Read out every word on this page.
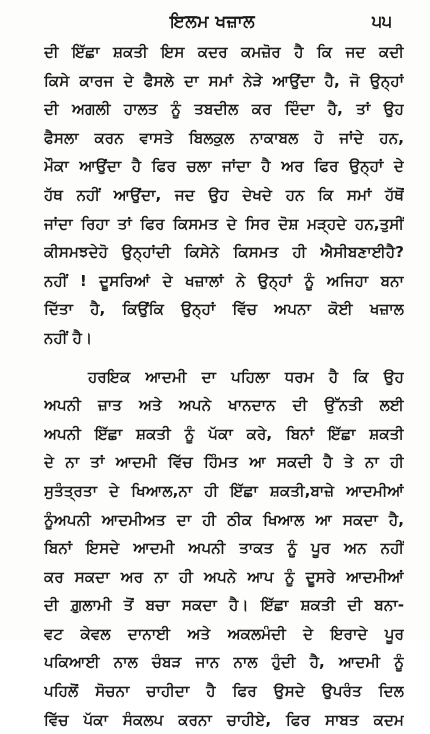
ਇਲਮ ਖਜ਼ਾਲ	੫੫
ਦੀ ਇੱਛਾ ਸ਼ਕਤੀ ਇਸ ਕਦਰ ਕਮਜ਼ੋਰ ਹੈ ਕਿ ਜਦ ਕਦੀ
ਕਿਸੇ ਕਾਰਜ ਦੇ ਫੈਸਲੇ ਦਾ ਸਮਾਂ ਨੇੜੇ ਆਉਂਦਾ ਹੈ, ਜੋ ਉਨ੍ਹਾਂ
ਦੀ ਅਗਲੀ ਹਾਲਤ ਨੂੰ ਤਬਦੀਲ ਕਰ ਦਿੰਦਾ ਹੈ, ਤਾਂ ਉਹ
ਫੈਸਲਾ ਕਰਨ ਵਾਸਤੇ ਬਿਲਕੁਲ ਨਾਕਾਬਲ ਹੋ ਜਾਂਦੇ ਹਨ,
ਮੌਕਾ ਆਉਂਦਾ ਹੈ ਫਿਰ ਚਲਾ ਜਾਂਦਾ ਹੈ ਅਰ ਫਿਰ ਉਨ੍ਹਾਂ ਦੇ
ਹੱਥ ਨਹੀਂ ਆਉਂਦਾ, ਜਦ ਉਹ ਦੇਖਦੇ ਹਨ ਕਿ ਸਮਾਂ ਹੱਥੋਂ
ਜਾਂਦਾ ਰਿਹਾ ਤਾਂ ਫਿਰ ਕਿਸਮਤ ਦੇ ਸਿਰ ਦੋਸ਼ ਮੜ੍ਹਦੇ ਹਨ,ਤੁਸੀਂ
ਕੀਸਮਝਦੇਹੋ ਉਨ੍ਹਾਂਦੀ ਕਿਸੇਨੇ ਕਿਸਮਤ ਹੀ ਐਸੀਬਣਾਈਹੈ?
ਨਹੀਂ ! ਦੂਸਰਿਆਂ ਦੇ ਖਜ਼ਾਲਾਂ ਨੇ ਉਨ੍ਹਾਂ ਨੂੰ ਅਜਿਹਾ ਬਨਾ
ਦਿੱਤਾ ਹੈ, ਕਿਉਂਕਿ ਉਨ੍ਹਾਂ ਵਿੱਚ ਅਪਨਾ ਕੋਈ ਖਜ਼ਾਲ
ਨਹੀਂ ਹੈ।
ਹਰਇਕ ਆਦਮੀ ਦਾ ਪਹਿਲਾ ਧਰਮ ਹੈ ਕਿ ਉਹ
ਅਪਨੀ ਜ਼ਾਤ ਅਤੇ ਅਪਨੇ ਖਾਨਦਾਨ ਦੀ ਉੱਨਤੀ ਲਈ
ਅਪਨੀ ਇੱਛਾ ਸ਼ਕਤੀ ਨੂੰ ਪੱਕਾ ਕਰੇ, ਬਿਨਾਂ ਇੱਛਾ ਸ਼ਕਤੀ
ਦੇ ਨਾ ਤਾਂ ਆਦਮੀ ਵਿੱਚ ਹਿੰਮਤ ਆ ਸਕਦੀ ਹੈ ਤੇ ਨਾ ਹੀ
ਸੁਤੰਤ੍ਰਤਾ ਦੇ ਖਿਆਲ,ਨਾ ਹੀ ਇੱਛਾ ਸ਼ਕਤੀ,ਬਾਜ਼ੇ ਆਦਮੀਆਂ
ਨੂੰਅਪਨੀ ਆਦਮੀਅਤ ਦਾ ਹੀ ਠੀਕ ਖਿਆਲ ਆ ਸਕਦਾ ਹੈ,
ਬਿਨਾਂ ਇਸਦੇ ਆਦਮੀ ਅਪਨੀ ਤਾਕਤ ਨੂੰ ਪੂਰ ਅਨ ਨਹੀਂ
ਕਰ ਸਕਦਾ ਅਰ ਨਾ ਹੀ ਅਪਨੇ ਆਪ ਨੂੰ ਦੂਸਰੇ ਆਦਮੀਆਂ
ਦੀ ਗ਼ੁਲਾਮੀ ਤੋਂ ਬਚਾ ਸਕਦਾ ਹੈ। ਇੱਛਾ ਸ਼ਕਤੀ ਦੀ ਬਨਾ-
ਵਟ ਕੇਵਲ ਦਾਨਾਈ ਅਤੇ ਅਕਲਮੰਦੀ ਦੇ ਇਰਾਦੇ ਪੂਰ
ਪਕਿਆਈ ਨਾਲ ਚੰਬੜ ਜਾਨ ਨਾਲ ਹੁੰਦੀ ਹੈ, ਆਦਮੀ ਨੂੰ
ਪਹਿਲੋਂ ਸੋਚਨਾ ਚਾਹੀਦਾ ਹੈ ਫਿਰ ਉਸਦੇ ਉਪਰੰਤ ਦਿਲ
ਵਿੱਚ ਪੱਕਾ ਸੰਕਲਪ ਕਰਨਾ ਚਾਹੀਏ, ਫਿਰ ਸਾਬਤ ਕਦਮ
